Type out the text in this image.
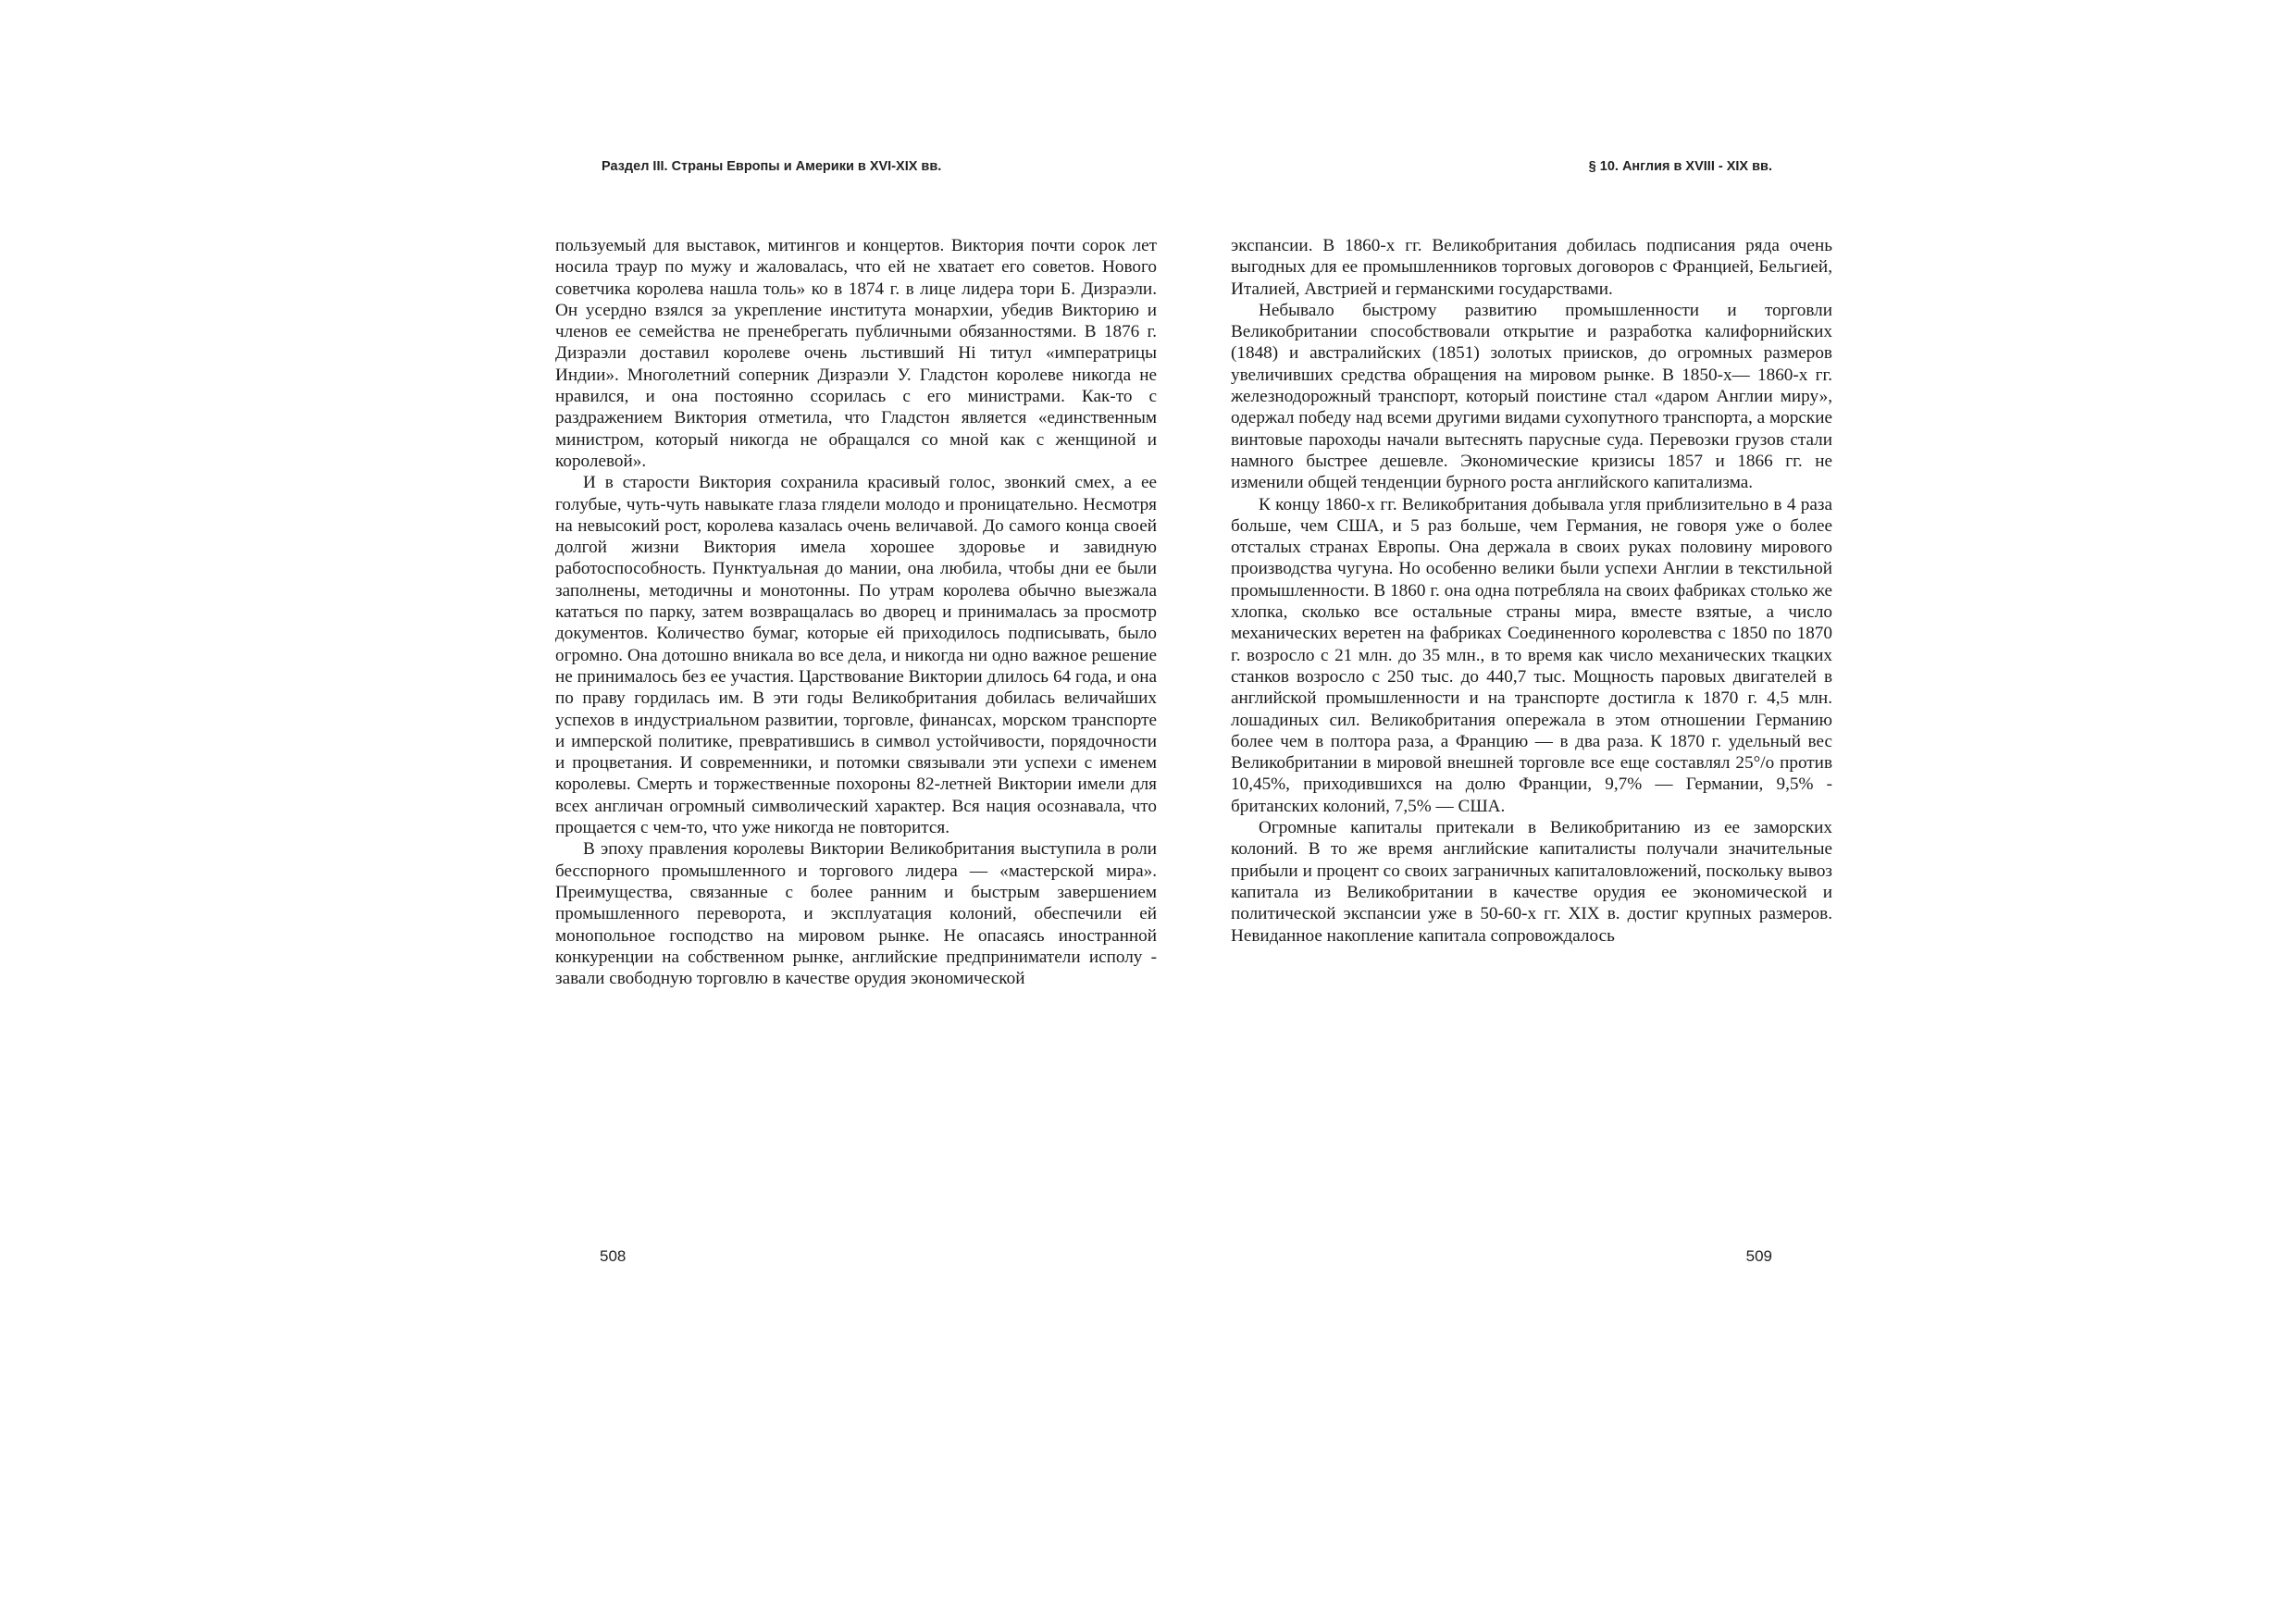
Раздел III. Страны Европы и Америки в XVI-XIX вв.

пользуемый для выставок, митингов и концертов. Виктория почти сорок лет носила траур по мужу и жаловалась, что ей не хватает его советов. Нового советчика королева нашла толь» ко в 1874 г. в лице лидера тори Б. Дизраэли. Он усердно взялся за укрепление института монархии, убедив Викторию и членов ее семейства не пренебрегать публичными обязанностями. В 1876 г. Дизраэли доставил королеве очень льстивший Hi титул «императрицы Индии». Многолетний соперник Дизраэли У. Гладстон королеве никогда не нравился, и она постоянно ссорилась с его министрами. Как-то с раздражением Виктория отметила, что Гладстон является «единственным министром, который никогда не обращался со мной как с женщиной и королевой».

И в старости Виктория сохранила красивый голос, звонкий смех, а ее голубые, чуть-чуть навыкате глаза глядели молодо и проницательно. Несмотря на невысокий рост, королева казалась очень величавой. До самого конца своей долгой жизни Виктория имела хорошее здоровье и завидную работоспособность. Пунктуальная до мании, она любила, чтобы дни ее были заполнены, методичны и монотонны. По утрам королева обычно выезжала кататься по парку, затем возвращалась во дворец и принималась за просмотр документов. Количество бумаг, которые ей приходилось подписывать, было огромно. Она дотошно вникала во все дела, и никогда ни одно важное решение не принималось без ее участия. Царствование Виктории длилось 64 года, и она по праву гордилась им. В эти годы Великобритания добилась величайших успехов в индустриальном развитии, торговле, финансах, морском транспорте и имперской политике, превратившись в символ устойчивости, порядочности и процветания. И современники, и потомки связывали эти успехи с именем королевы. Смерть и торжественные похороны 82-летней Виктории имели для всех англичан огромный символический характер. Вся нация осознавала, что прощается с чем-то, что уже никогда не повторится.

В эпоху правления королевы Виктории Великобритания выступила в роли бесспорного промышленного и торгового лидера — «мастерской мира». Преимущества, связанные с более ранним и быстрым завершением промышленного переворота, и эксплуатация колоний, обеспечили ей монопольное господство на мировом рынке. Не опасаясь иностранной конкуренции на собственном рынке, английские предприниматели исполу - завали свободную торговлю в качестве орудия экономической

508
§ 10. Англия в XVIII - XIX вв.

экспансии. В 1860-х гг. Великобритания добилась подписания ряда очень выгодных для ее промышленников торговых договоров с Францией, Бельгией, Италией, Австрией и германскими государствами.

Небывало быстрому развитию промышленности и торговли Великобритании способствовали открытие и разработка калифорнийских (1848) и австралийских (1851) золотых приисков, до огромных размеров увеличивших средства обращения на мировом рынке. В 1850-х— 1860-х гг. железнодорожный транспорт, который поистине стал «даром Англии миру», одержал победу над всеми другими видами сухопутного транспорта, а морские винтовые пароходы начали вытеснять парусные суда. Перевозки грузов стали намного быстрее дешевле. Экономические кризисы 1857 и 1866 гг. не изменили общей тенденции бурного роста английского капитализма.

К концу 1860-х гг. Великобритания добывала угля приблизительно в 4 раза больше, чем США, и 5 раз больше, чем Германия, не говоря уже о более отсталых странах Европы. Она держала в своих руках половину мирового производства чугуна. Но особенно велики были успехи Англии в текстильной промышленности. В 1860 г. она одна потребляла на своих фабриках столько же хлопка, сколько все остальные страны мира, вместе взятые, а число механических веретен на фабриках Соединенного королевства с 1850 по 1870 г. возросло с 21 млн. до 35 млн., в то время как число механических ткацких станков возросло с 250 тыс. до 440,7 тыс. Мощность паровых двигателей в английской промышленности и на транспорте достигла к 1870 г. 4,5 млн. лошадиных сил. Великобритания опережала в этом отношении Германию более чем в полтора раза, а Францию — в два раза. К 1870 г. удельный вес Великобритании в мировой внешней торговле все еще составлял 25°/о против 10,45%, приходившихся на долю Франции, 9,7% — Германии, 9,5% - британских колоний, 7,5% — США.

Огромные капиталы притекали в Великобританию из ее заморских колоний. В то же время английские капиталисты получали значительные прибыли и процент со своих заграничных капиталовложений, поскольку вывоз капитала из Великобритании в качестве орудия ее экономической и политической экспансии уже в 50-60-х гг. XIX в. достиг крупных размеров. Невиданное накопление капитала сопровождалось

509
